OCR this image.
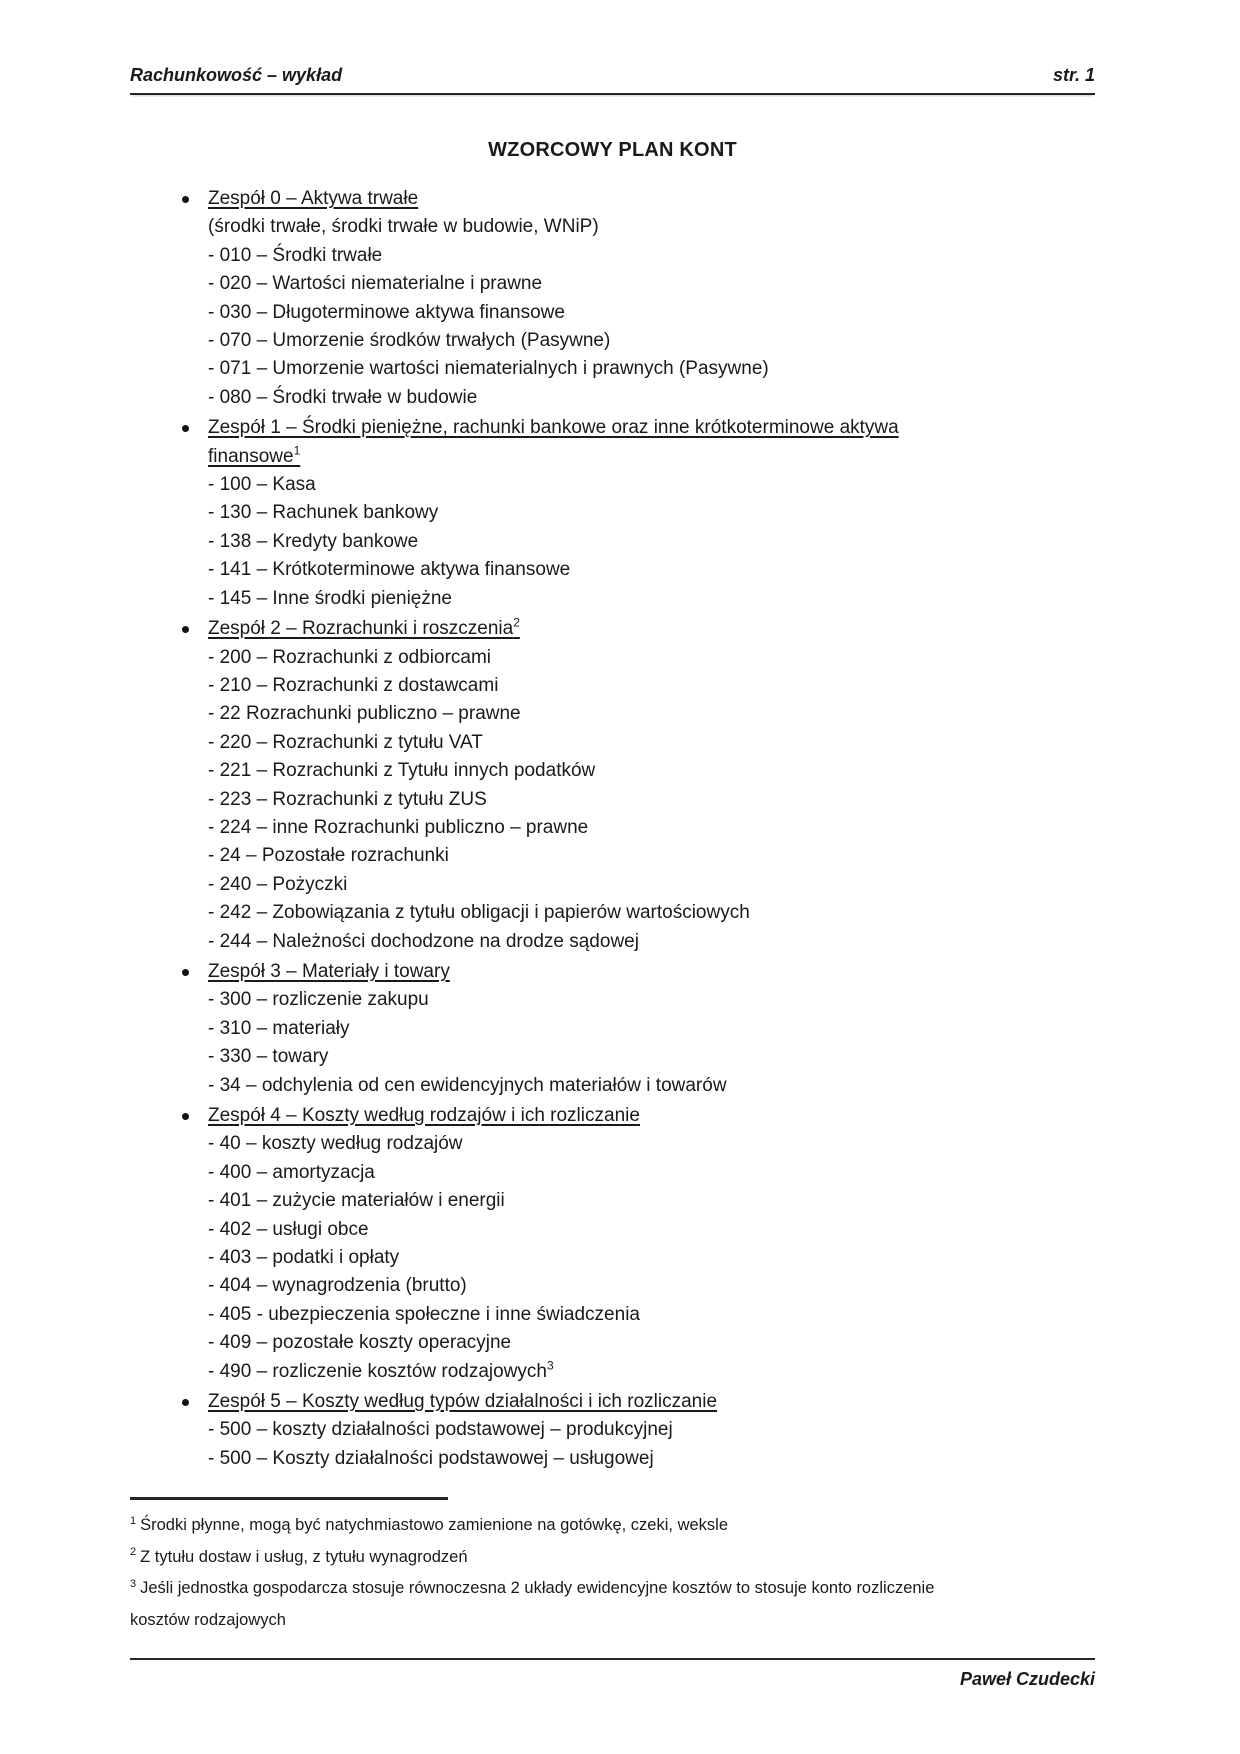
Rachunkowość – wykład	str. 1
WZORCOWY PLAN KONT
Zespół 0 – Aktywa trwałe
(środki trwałe, środki trwałe w budowie, WNiP)
- 010 – Środki trwałe
- 020 – Wartości niematerialne i prawne
- 030 – Długoterminowe aktywa finansowe
- 070 – Umorzenie środków trwałych (Pasywne)
- 071 – Umorzenie wartości niematerialnych i prawnych (Pasywne)
- 080 – Środki trwałe w budowie
Zespół 1 – Środki pieniężne, rachunki bankowe oraz inne krótkoterminowe aktywa
finansowe$^1$
- 100 – Kasa
- 130 – Rachunek bankowy
- 138 – Kredyty bankowe
- 141 – Krótkoterminowe aktywa finansowe
- 145 – Inne środki pieniężne
Zespół 2 – Rozrachunki i roszczenia$^2$
- 200 – Rozrachunki z odbiorcami
- 210 – Rozrachunki z dostawcami
- 22 Rozrachunki publiczno – prawne
- 220 – Rozrachunki z tytułu VAT
- 221 – Rozrachunki z Tytułu innych podatków
- 223 – Rozrachunki z tytułu ZUS
- 224 – inne Rozrachunki publiczno – prawne
- 24 – Pozostałe rozrachunki
- 240 – Pożyczki
- 242 – Zobowiązania z tytułu obligacji i papierów wartościowych
- 244 – Należności dochodzone na drodze sądowej
Zespół 3 – Materiały i towary
- 300 – rozliczenie zakupu
- 310 – materiały
- 330 – towary
- 34 – odchylenia od cen ewidencyjnych materiałów i towarów
Zespół 4 – Koszty według rodzajów i ich rozliczanie
- 40 – koszty według rodzajów
- 400 – amortyzacja
- 401 – zużycie materiałów i energii
- 402 – usługi obce
- 403 – podatki i opłaty
- 404 – wynagrodzenia (brutto)
- 405 - ubezpieczenia społeczne i inne świadczenia
- 409 – pozostałe koszty operacyjne
- 490 – rozliczenie kosztów rodzajowych$^3$
Zespół 5 – Koszty według typów działalności i ich rozliczanie
- 500 – koszty działalności podstawowej – produkcyjnej
- 500 – Koszty działalności podstawowej – usługowej
$^1$ Środki płynne, mogą być natychmiastowo zamienione na gotówkę, czeki, weksle
$^2$ Z tytułu dostaw i usług, z tytułu wynagrodzeń
$^3$ Jeśli jednostka gospodarcza stosuje równoczesna 2 układy ewidencyjne kosztów to stosuje konto rozliczenie
kosztów rodzajowych
Paweł Czudecki
